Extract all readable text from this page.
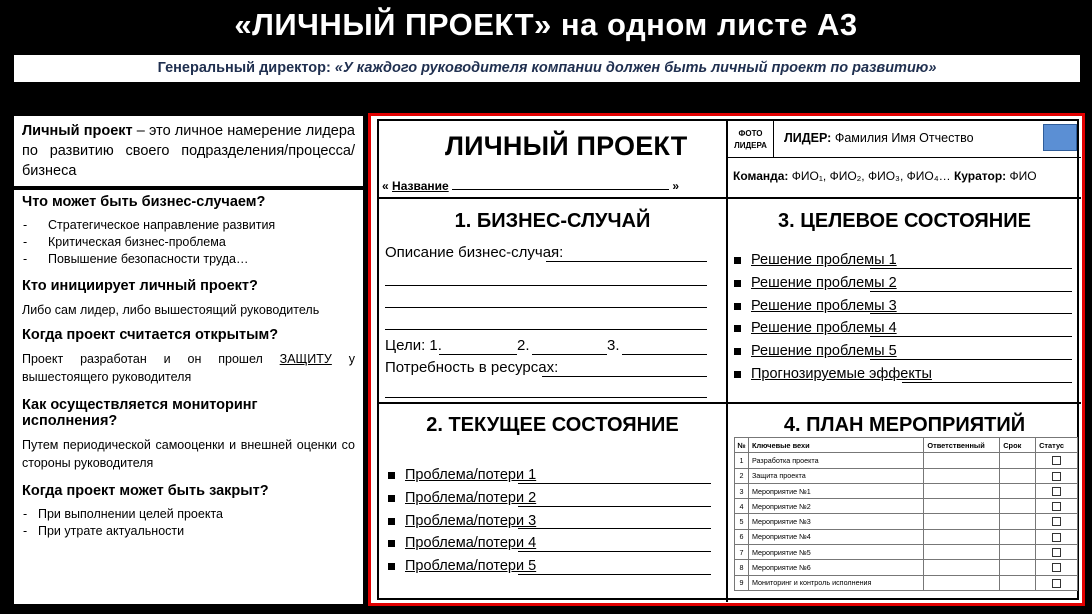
«ЛИЧНЫЙ ПРОЕКТ» на одном листе А3
Генеральный директор: «У каждого руководителя компании должен быть личный проект по развитию»
Личный проект – это личное намерение лидера по развитию своего подразделения/процесса/бизнеса
Что может быть бизнес-случаем?
- Стратегическое направление развития
- Критическая бизнес-проблема
- Повышение безопасности труда…
Кто инициирует личный проект?
Либо сам лидер, либо вышестоящий руководитель
Когда проект считается открытым?
Проект разработан и он прошел ЗАЩИТУ у вышестоящего руководителя
Как осуществляется мониторинг исполнения?
Путем периодической самооценки и внешней оценки со стороны руководителя
Когда проект может быть закрыт?
- При выполнении целей проекта
- При утрате актуальности
ЛИЧНЫЙ ПРОЕКТ
« Название	»
ФОТО
ЛИДЕРА
ЛИДЕР: Фамилия Имя Отчество
Команда: ФИО₁, ФИО₂, ФИО₃, ФИО₄… Куратор: ФИО
1. БИЗНЕС-СЛУЧАЙ
Описание бизнес-случая:
Цели: 1.	2.	3.
Потребность в ресурсах:
3. ЦЕЛЕВОЕ СОСТОЯНИЕ
Решение проблемы 1
Решение проблемы 2
Решение проблемы 3
Решение проблемы 4
Решение проблемы 5
Прогнозируемые эффекты
2. ТЕКУЩЕЕ СОСТОЯНИЕ
Проблема/потери 1
Проблема/потери 2
Проблема/потери 3
Проблема/потери 4
Проблема/потери 5
4. ПЛАН МЕРОПРИЯТИЙ
№	Ключевые вехи	Ответственный	Срок	Статус
1	Разработка проекта			
2	Защита проекта			
3	Мероприятие №1			
4	Мероприятие №2			
5	Мероприятие №3			
6	Мероприятие №4			
7	Мероприятие №5			
8	Мероприятие №6			
9	Мониторинг и контроль исполнения			
